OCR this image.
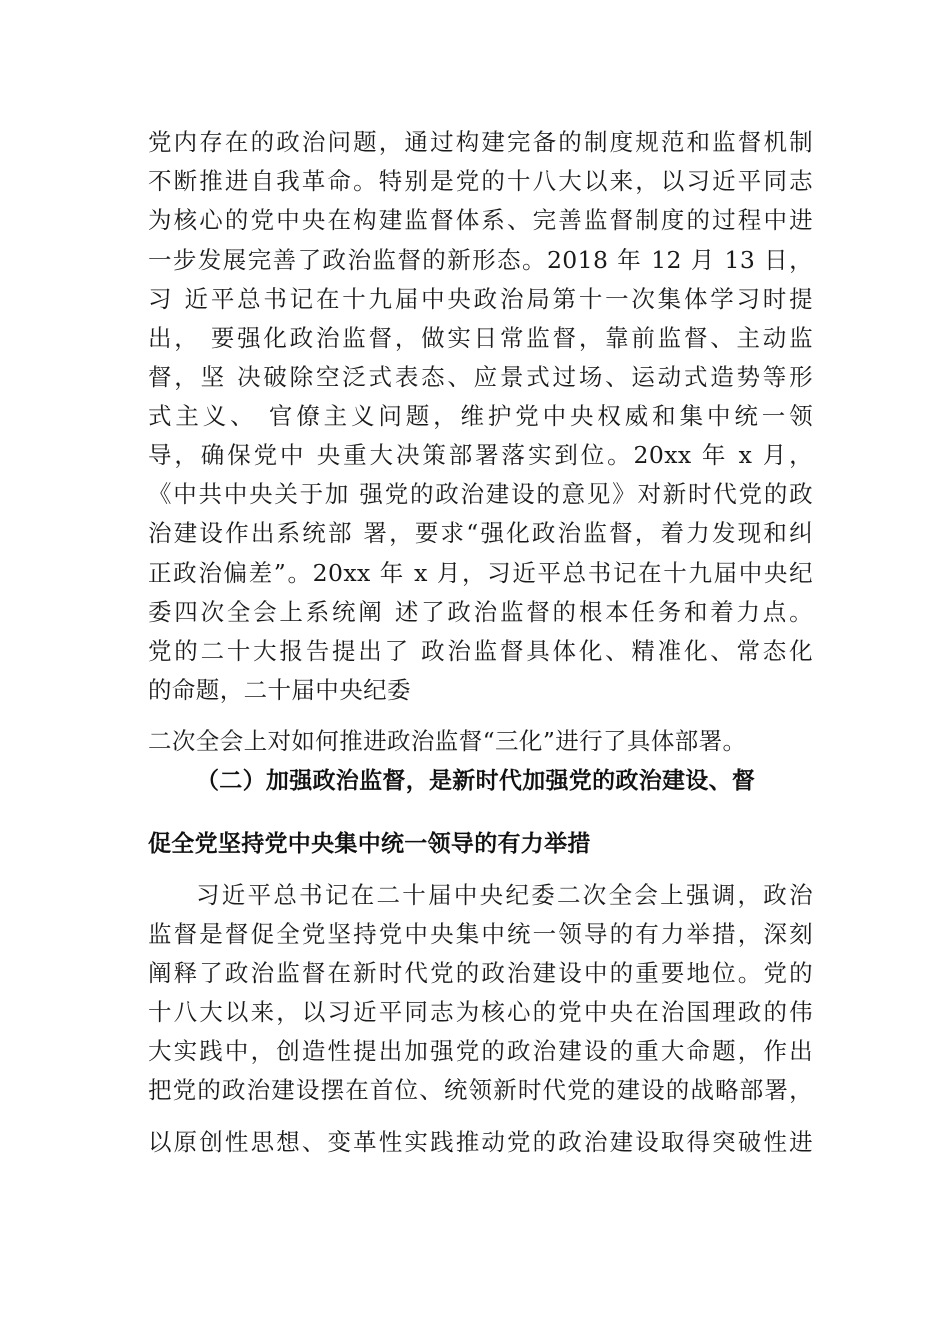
党内存在的政治问题，通过构建完备的制度规范和监督机制
不断推进自我革命。特别是党的十八大以来，以习近平同志
为核心的党中央在构建监督体系、完善监督制度的过程中进
一步发展完善了政治监督的新形态。2018 年 12 月 13 日，
习 近平总书记在十九届中央政治局第十一次集体学习时提
出， 要强化政治监督，做实日常监督，靠前监督、主动监
督，坚 决破除空泛式表态、应景式过场、运动式造势等形
式主义、 官僚主义问题，维护党中央权威和集中统一领
导，确保党中 央重大决策部署落实到位。20xx 年 x 月，
《中共中央关于加 强党的政治建设的意见》对新时代党的政
治建设作出系统部 署，要求“强化政治监督，着力发现和纠
正政治偏差”。20xx 年 x 月，习近平总书记在十九届中央纪
委四次全会上系统阐 述了政治监督的根本任务和着力点。
党的二十大报告提出了 政治监督具体化、精准化、常态化
的命题，二十届中央纪委
二次全会上对如何推进政治监督“三化”进行了具体部署。
（二）加强政治监督，是新时代加强党的政治建设、督
促全党坚持党中央集中统一领导的有力举措
习近平总书记在二十届中央纪委二次全会上强调，政治
监督是督促全党坚持党中央集中统一领导的有力举措，深刻
阐释了政治监督在新时代党的政治建设中的重要地位。党的
十八大以来，以习近平同志为核心的党中央在治国理政的伟
大实践中，创造性提出加强党的政治建设的重大命题，作出
把党的政治建设摆在首位、统领新时代党的建设的战略部署，
以原创性思想、变革性实践推动党的政治建设取得突破性进
